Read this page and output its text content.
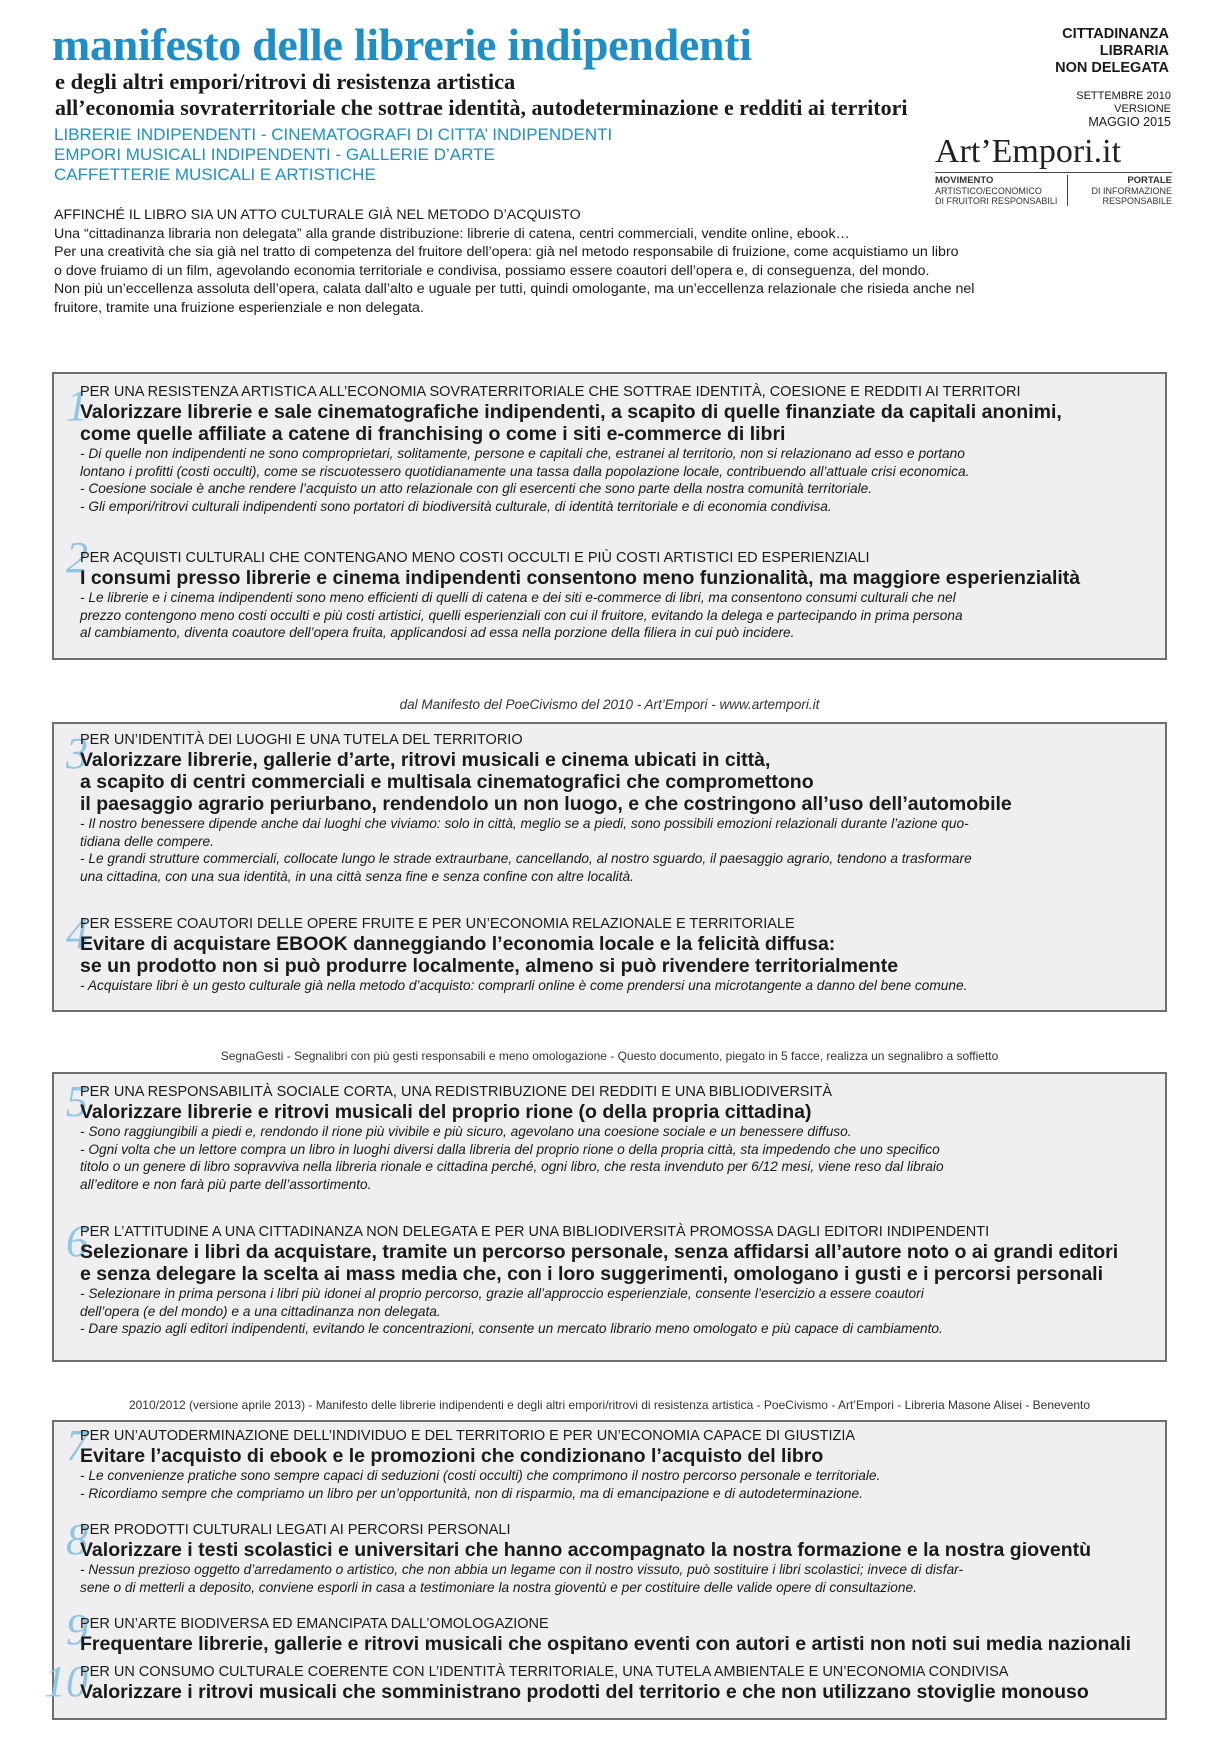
manifesto delle librerie indipendenti
e degli altri empori/ritrovi di resistenza artistica
all’economia sovraterritoriale che sottrae identità, autodeterminazione e redditi ai territori
LIBRERIE INDIPENDENTI - CINEMATOGRAFI DI CITTA’ INDIPENDENTI
EMPORI MUSICALI INDIPENDENTI - GALLERIE D’ARTE
CAFFETTERIE MUSICALI E ARTISTICHE
CITTADINANZA
LIBRARIA
NON DELEGATA
SETTEMBRE 2010
VERSIONE
MAGGIO 2015
Art’Empori.it
MOVIMENTO
ARTISTICO/ECONOMICO
DI FRUITORI RESPONSABILI
PORTALE
DI INFORMAZIONE
RESPONSABILE
AFFINCHÉ IL LIBRO SIA UN ATTO CULTURALE GIÀ NEL METODO D’ACQUISTO
Una “cittadinanza libraria non delegata” alla grande distribuzione: librerie di catena, centri commerciali, vendite online, ebook…
Per una creatività che sia già nel tratto di competenza del fruitore dell’opera: già nel metodo responsabile di fruizione, come acquistiamo un libro
o dove fruiamo di un film, agevolando economia territoriale e condivisa, possiamo essere coautori dell’opera e, di conseguenza, del mondo.
Non più un’eccellenza assoluta dell’opera, calata dall’alto e uguale per tutti, quindi omologante, ma un’eccellenza relazionale che risieda anche nel
fruitore, tramite una fruizione esperienziale e non delegata.
1
PER UNA RESISTENZA ARTISTICA ALL’ECONOMIA SOVRATERRITORIALE CHE SOTTRAE IDENTITÀ, COESIONE E REDDITI AI TERRITORI
Valorizzare librerie e sale cinematografiche indipendenti, a scapito di quelle finanziate da capitali anonimi,
come quelle affiliate a catene di franchising o come i siti e-commerce di libri
- Di quelle non indipendenti ne sono comproprietari, solitamente, persone e capitali che, estranei al territorio, non si relazionano ad esso e portano
lontano i profitti (costi occulti), come se riscuotessero quotidianamente una tassa dalla popolazione locale, contribuendo all’attuale crisi economica.
- Coesione sociale è anche rendere l’acquisto un atto relazionale con gli esercenti che sono parte della nostra comunità territoriale.
- Gli empori/ritrovi culturali indipendenti sono portatori di biodiversità culturale, di identità territoriale e di economia condivisa.
2
PER ACQUISTI CULTURALI CHE CONTENGANO MENO COSTI OCCULTI E PIÙ COSTI ARTISTICI ED ESPERIENZIALI
I consumi presso librerie e cinema indipendenti consentono meno funzionalità, ma maggiore esperienzialità
- Le librerie e i cinema indipendenti sono meno efficienti di quelli di catena e dei siti e-commerce di libri, ma consentono consumi culturali che nel
prezzo contengono meno costi occulti e più costi artistici, quelli esperienziali con cui il fruitore, evitando la delega e partecipando in prima persona
al cambiamento, diventa coautore dell’opera fruita, applicandosi ad essa nella porzione della filiera in cui può incidere.
dal Manifesto del PoeCivismo del 2010 - Art’Empori - www.artempori.it
3
PER UN’IDENTITÀ DEI LUOGHI E UNA TUTELA DEL TERRITORIO
Valorizzare librerie, gallerie d’arte, ritrovi musicali e cinema ubicati in città,
a scapito di centri commerciali e multisala cinematografici che compromettono
il paesaggio agrario periurbano, rendendolo un non luogo, e che costringono all’uso dell’automobile
- Il nostro benessere dipende anche dai luoghi che viviamo: solo in città, meglio se a piedi, sono possibili emozioni relazionali durante l’azione quo-
tidiana delle compere.
- Le grandi strutture commerciali, collocate lungo le strade extraurbane, cancellando, al nostro sguardo, il paesaggio agrario, tendono a trasformare
una cittadina, con una sua identità, in una città senza fine e senza confine con altre località.
4
PER ESSERE COAUTORI DELLE OPERE FRUITE E PER UN’ECONOMIA RELAZIONALE E TERRITORIALE
Evitare di acquistare EBOOK danneggiando l’economia locale e la felicità diffusa:
se un prodotto non si può produrre localmente, almeno si può rivendere territorialmente
- Acquistare libri è un gesto culturale già nella metodo d’acquisto: comprarli online è come prendersi una microtangente a danno del bene comune.
SegnaGesti - Segnalibri con più gesti responsabili e meno omologazione - Questo documento, piegato in 5 facce, realizza un segnalibro a soffietto
5
PER UNA RESPONSABILITÀ SOCIALE CORTA, UNA REDISTRIBUZIONE DEI REDDITI E UNA BIBLIODIVERSITÀ
Valorizzare librerie e ritrovi musicali del proprio rione (o della propria cittadina)
- Sono raggiungibili a piedi e, rendondo il rione più vivibile e più sicuro, agevolano una coesione sociale e un benessere diffuso.
- Ogni volta che un lettore compra un libro in luoghi diversi dalla libreria del proprio rione o della propria città, sta impedendo che uno specifico
titolo o un genere di libro sopravviva nella libreria rionale e cittadina perché, ogni libro, che resta invenduto per 6/12 mesi, viene reso dal libraio
all’editore e non farà più parte dell’assortimento.
6
PER L’ATTITUDINE A UNA CITTADINANZA NON DELEGATA E PER UNA BIBLIODIVERSITÀ PROMOSSA DAGLI EDITORI INDIPENDENTI
Selezionare i libri da acquistare, tramite un percorso personale, senza affidarsi all’autore noto o ai grandi editori
e senza delegare la scelta ai mass media che, con i loro suggerimenti, omologano i gusti e i percorsi personali
- Selezionare in prima persona i libri più idonei al proprio percorso, grazie all’approccio esperienziale, consente l’esercizio a essere coautori
dell’opera (e del mondo) e a una cittadinanza non delegata.
- Dare spazio agli editori indipendenti, evitando le concentrazioni, consente un mercato librario meno omologato e più capace di cambiamento.
2010/2012 (versione aprile 2013) - Manifesto delle librerie indipendenti e degli altri empori/ritrovi di resistenza artistica - PoeCivismo - Art’Empori - Libreria Masone Alisei - Benevento
7
PER UN’AUTODERMINAZIONE DELL’INDIVIDUO E DEL TERRITORIO E PER UN’ECONOMIA CAPACE DI GIUSTIZIA
Evitare l’acquisto di ebook e le promozioni che condizionano l’acquisto del libro
- Le convenienze pratiche sono sempre capaci di seduzioni (costi occulti) che comprimono il nostro percorso personale e territoriale.
- Ricordiamo sempre che compriamo un libro per un’opportunità, non di risparmio, ma di emancipazione e di autodeterminazione.
8
PER PRODOTTI CULTURALI LEGATI AI PERCORSI PERSONALI
Valorizzare i testi scolastici e universitari che hanno accompagnato la nostra formazione e la nostra gioventù
- Nessun prezioso oggetto d’arredamento o artistico, che non abbia un legame con il nostro vissuto, può sostituire i libri scolastici; invece di disfar-
sene o di metterli a deposito, conviene esporli in casa a testimoniare la nostra gioventù e per costituire delle valide opere di consultazione.
9
PER UN’ARTE BIODIVERSA ED EMANCIPATA DALL’OMOLOGAZIONE
Frequentare librerie, gallerie e ritrovi musicali che ospitano eventi con autori e artisti non noti sui media nazionali
10
PER UN CONSUMO CULTURALE COERENTE CON L’IDENTITÀ TERRITORIALE, UNA TUTELA AMBIENTALE E UN’ECONOMIA CONDIVISA
Valorizzare i ritrovi musicali che somministrano prodotti del territorio e che non utilizzano stoviglie monouso
